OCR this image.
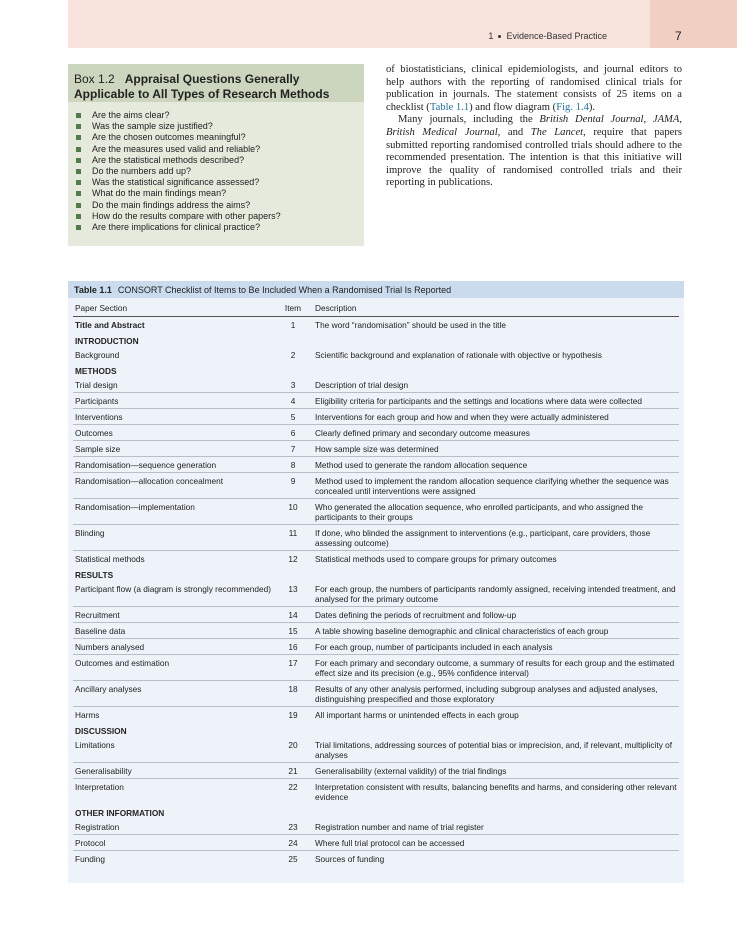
1 Evidence-Based Practice	7
Box 1.2 Appraisal Questions Generally Applicable to All Types of Research Methods
Are the aims clear?
Was the sample size justified?
Are the chosen outcomes meaningful?
Are the measures used valid and reliable?
Are the statistical methods described?
Do the numbers add up?
Was the statistical significance assessed?
What do the main findings mean?
Do the main findings address the aims?
How do the results compare with other papers?
Are there implications for clinical practice?

of biostatisticians, clinical epidemiologists, and journal editors to help authors with the reporting of randomised clinical trials for publication in journals. The statement consists of 25 items on a checklist (Table 1.1) and flow diagram (Fig. 1.4).

Many journals, including the British Dental Journal, JAMA, British Medical Journal, and The Lancet, require that papers submitted reporting randomised controlled trials should adhere to the recommended presentation. The intention is that this initiative will improve the quality of randomised controlled trials and their reporting in publications.

Table 1.1 CONSORT Checklist of Items to Be Included When a Randomised Trial Is Reported
Paper Section	Item	Description
Title and Abstract	1	The word “randomisation” should be used in the title
INTRODUCTION		
Background	2	Scientific background and explanation of rationale with objective or hypothesis
METHODS		
Trial design	3	Description of trial design
Participants	4	Eligibility criteria for participants and the settings and locations where data were collected
Interventions	5	Interventions for each group and how and when they were actually administered
Outcomes	6	Clearly defined primary and secondary outcome measures
Sample size	7	How sample size was determined
Randomisation—sequence generation	8	Method used to generate the random allocation sequence
Randomisation—allocation concealment	9	Method used to implement the random allocation sequence clarifying whether the sequence was concealed until interventions were assigned
Randomisation—implementation	10	Who generated the allocation sequence, who enrolled participants, and who assigned the participants to their groups
Blinding	11	If done, who blinded the assignment to interventions (e.g., participant, care providers, those assessing outcome)
Statistical methods	12	Statistical methods used to compare groups for primary outcomes
RESULTS		
Participant flow (a diagram is strongly recommended)	13	For each group, the numbers of participants randomly assigned, receiving intended treatment, and analysed for the primary outcome
Recruitment	14	Dates defining the periods of recruitment and follow-up
Baseline data	15	A table showing baseline demographic and clinical characteristics of each group
Numbers analysed	16	For each group, number of participants included in each analysis
Outcomes and estimation	17	For each primary and secondary outcome, a summary of results for each group and the estimated effect size and its precision (e.g., 95% confidence interval)
Ancillary analyses	18	Results of any other analysis performed, including subgroup analyses and adjusted analyses, distinguishing prespecified and those exploratory
Harms	19	All important harms or unintended effects in each group
DISCUSSION		
Limitations	20	Trial limitations, addressing sources of potential bias or imprecision, and, if relevant, multiplicity of analyses
Generalisability	21	Generalisability (external validity) of the trial findings
Interpretation	22	Interpretation consistent with results, balancing benefits and harms, and considering other relevant evidence
OTHER INFORMATION		
Registration	23	Registration number and name of trial register
Protocol	24	Where full trial protocol can be accessed
Funding	25	Sources of funding
